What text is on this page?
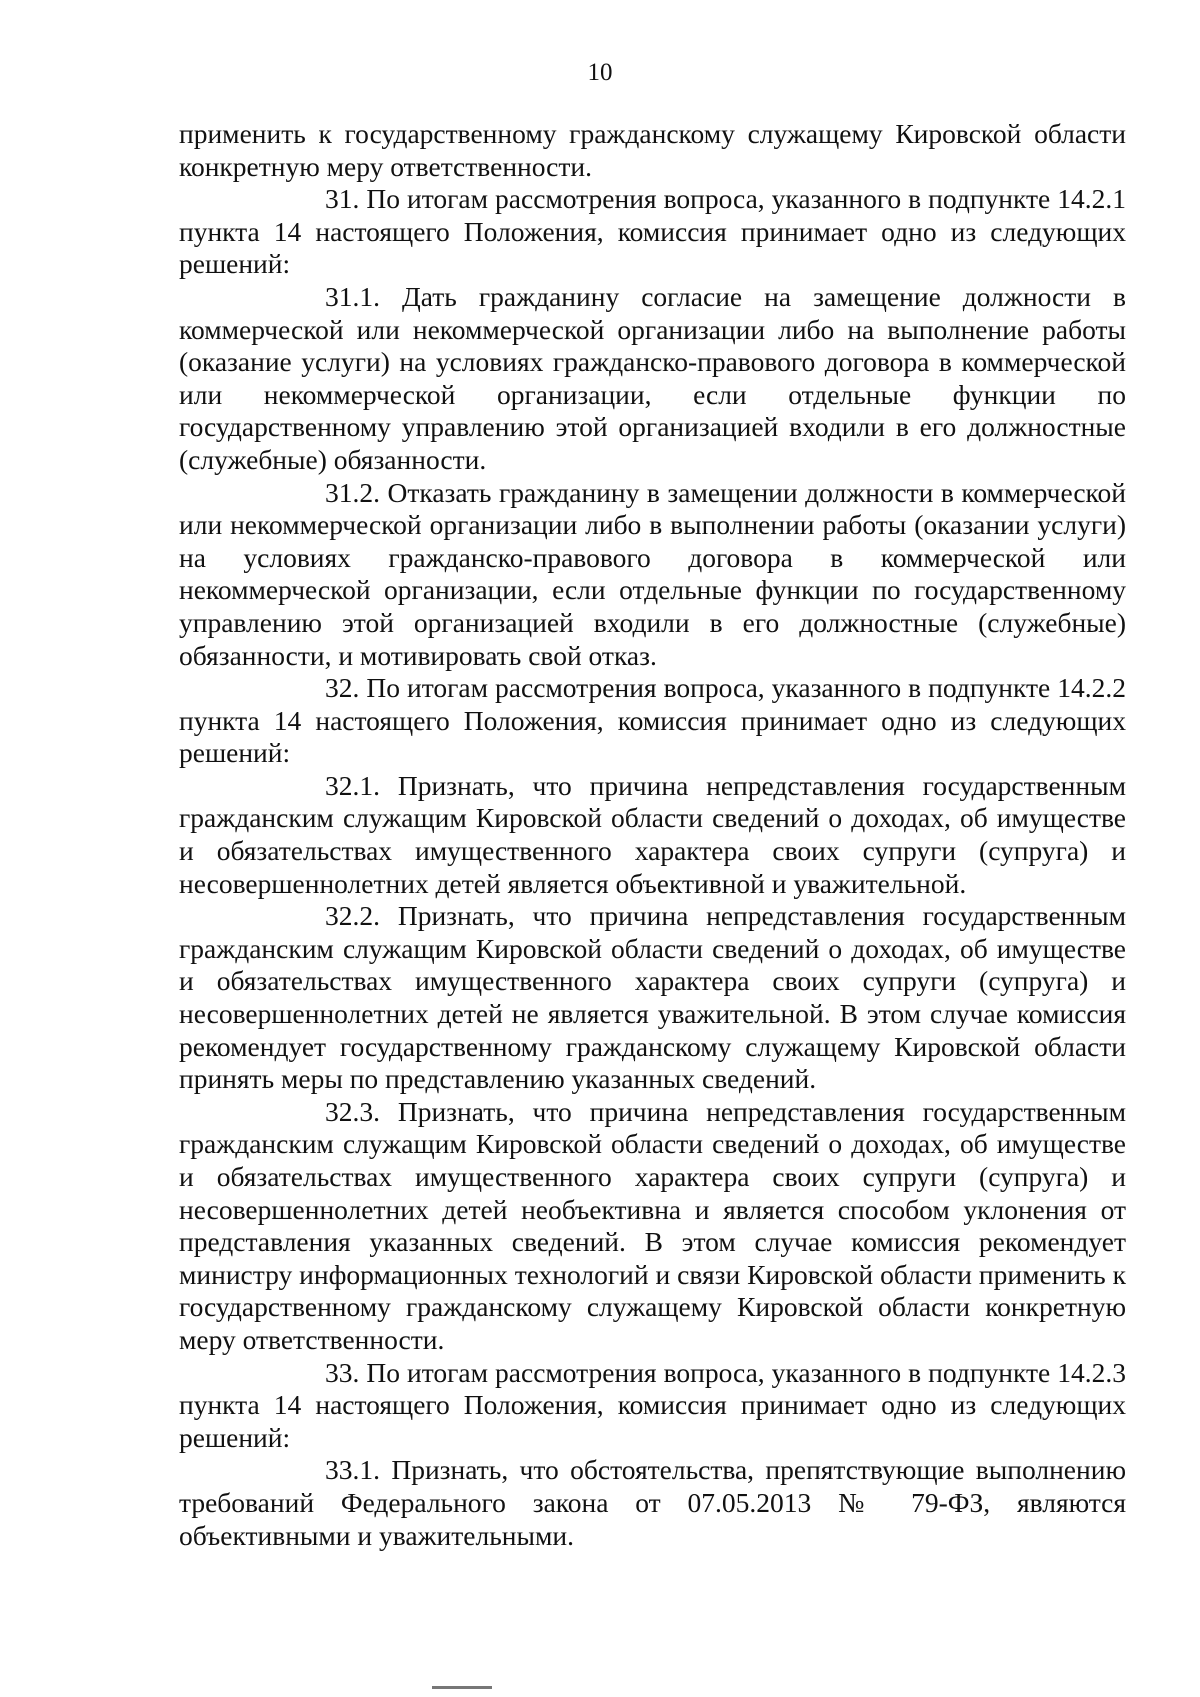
10

применить к государственному гражданскому служащему Кировской области конкретную меру ответственности.

31. По итогам рассмотрения вопроса, указанного в подпункте 14.2.1 пункта 14 настоящего Положения, комиссия принимает одно из следующих решений:

31.1. Дать гражданину согласие на замещение должности в коммерческой или некоммерческой организации либо на выполнение работы (оказание услуги) на условиях гражданско-правового договора в коммерческой или некоммерческой организации, если отдельные функции по государственному управлению этой организацией входили в его должностные (служебные) обязанности.

31.2. Отказать гражданину в замещении должности в коммерческой или некоммерческой организации либо в выполнении работы (оказании услуги) на условиях гражданско-правового договора в коммерческой или некоммерческой организации, если отдельные функции по государственному управлению этой организацией входили в его должностные (служебные) обязанности, и мотивировать свой отказ.

32. По итогам рассмотрения вопроса, указанного в подпункте 14.2.2 пункта 14 настоящего Положения, комиссия принимает одно из следующих решений:

32.1. Признать, что причина непредставления государственным гражданским служащим Кировской области сведений о доходах, об имуществе и обязательствах имущественного характера своих супруги (супруга) и несовершеннолетних детей является объективной и уважительной.

32.2. Признать, что причина непредставления государственным гражданским служащим Кировской области сведений о доходах, об имуществе и обязательствах имущественного характера своих супруги (супруга) и несовершеннолетних детей не является уважительной. В этом случае комиссия рекомендует государственному гражданскому служащему Кировской области принять меры по представлению указанных сведений.

32.3. Признать, что причина непредставления государственным гражданским служащим Кировской области сведений о доходах, об имуществе и обязательствах имущественного характера своих супруги (супруга) и несовершеннолетних детей необъективна и является способом уклонения от представления указанных сведений. В этом случае комиссия рекомендует министру информационных технологий и связи Кировской области применить к государственному гражданскому служащему Кировской области конкретную меру ответственности.

33. По итогам рассмотрения вопроса, указанного в подпункте 14.2.3 пункта 14 настоящего Положения, комиссия принимает одно из следующих решений:

33.1. Признать, что обстоятельства, препятствующие выполнению требований Федерального закона от 07.05.2013 № 79-ФЗ, являются объективными и уважительными.
